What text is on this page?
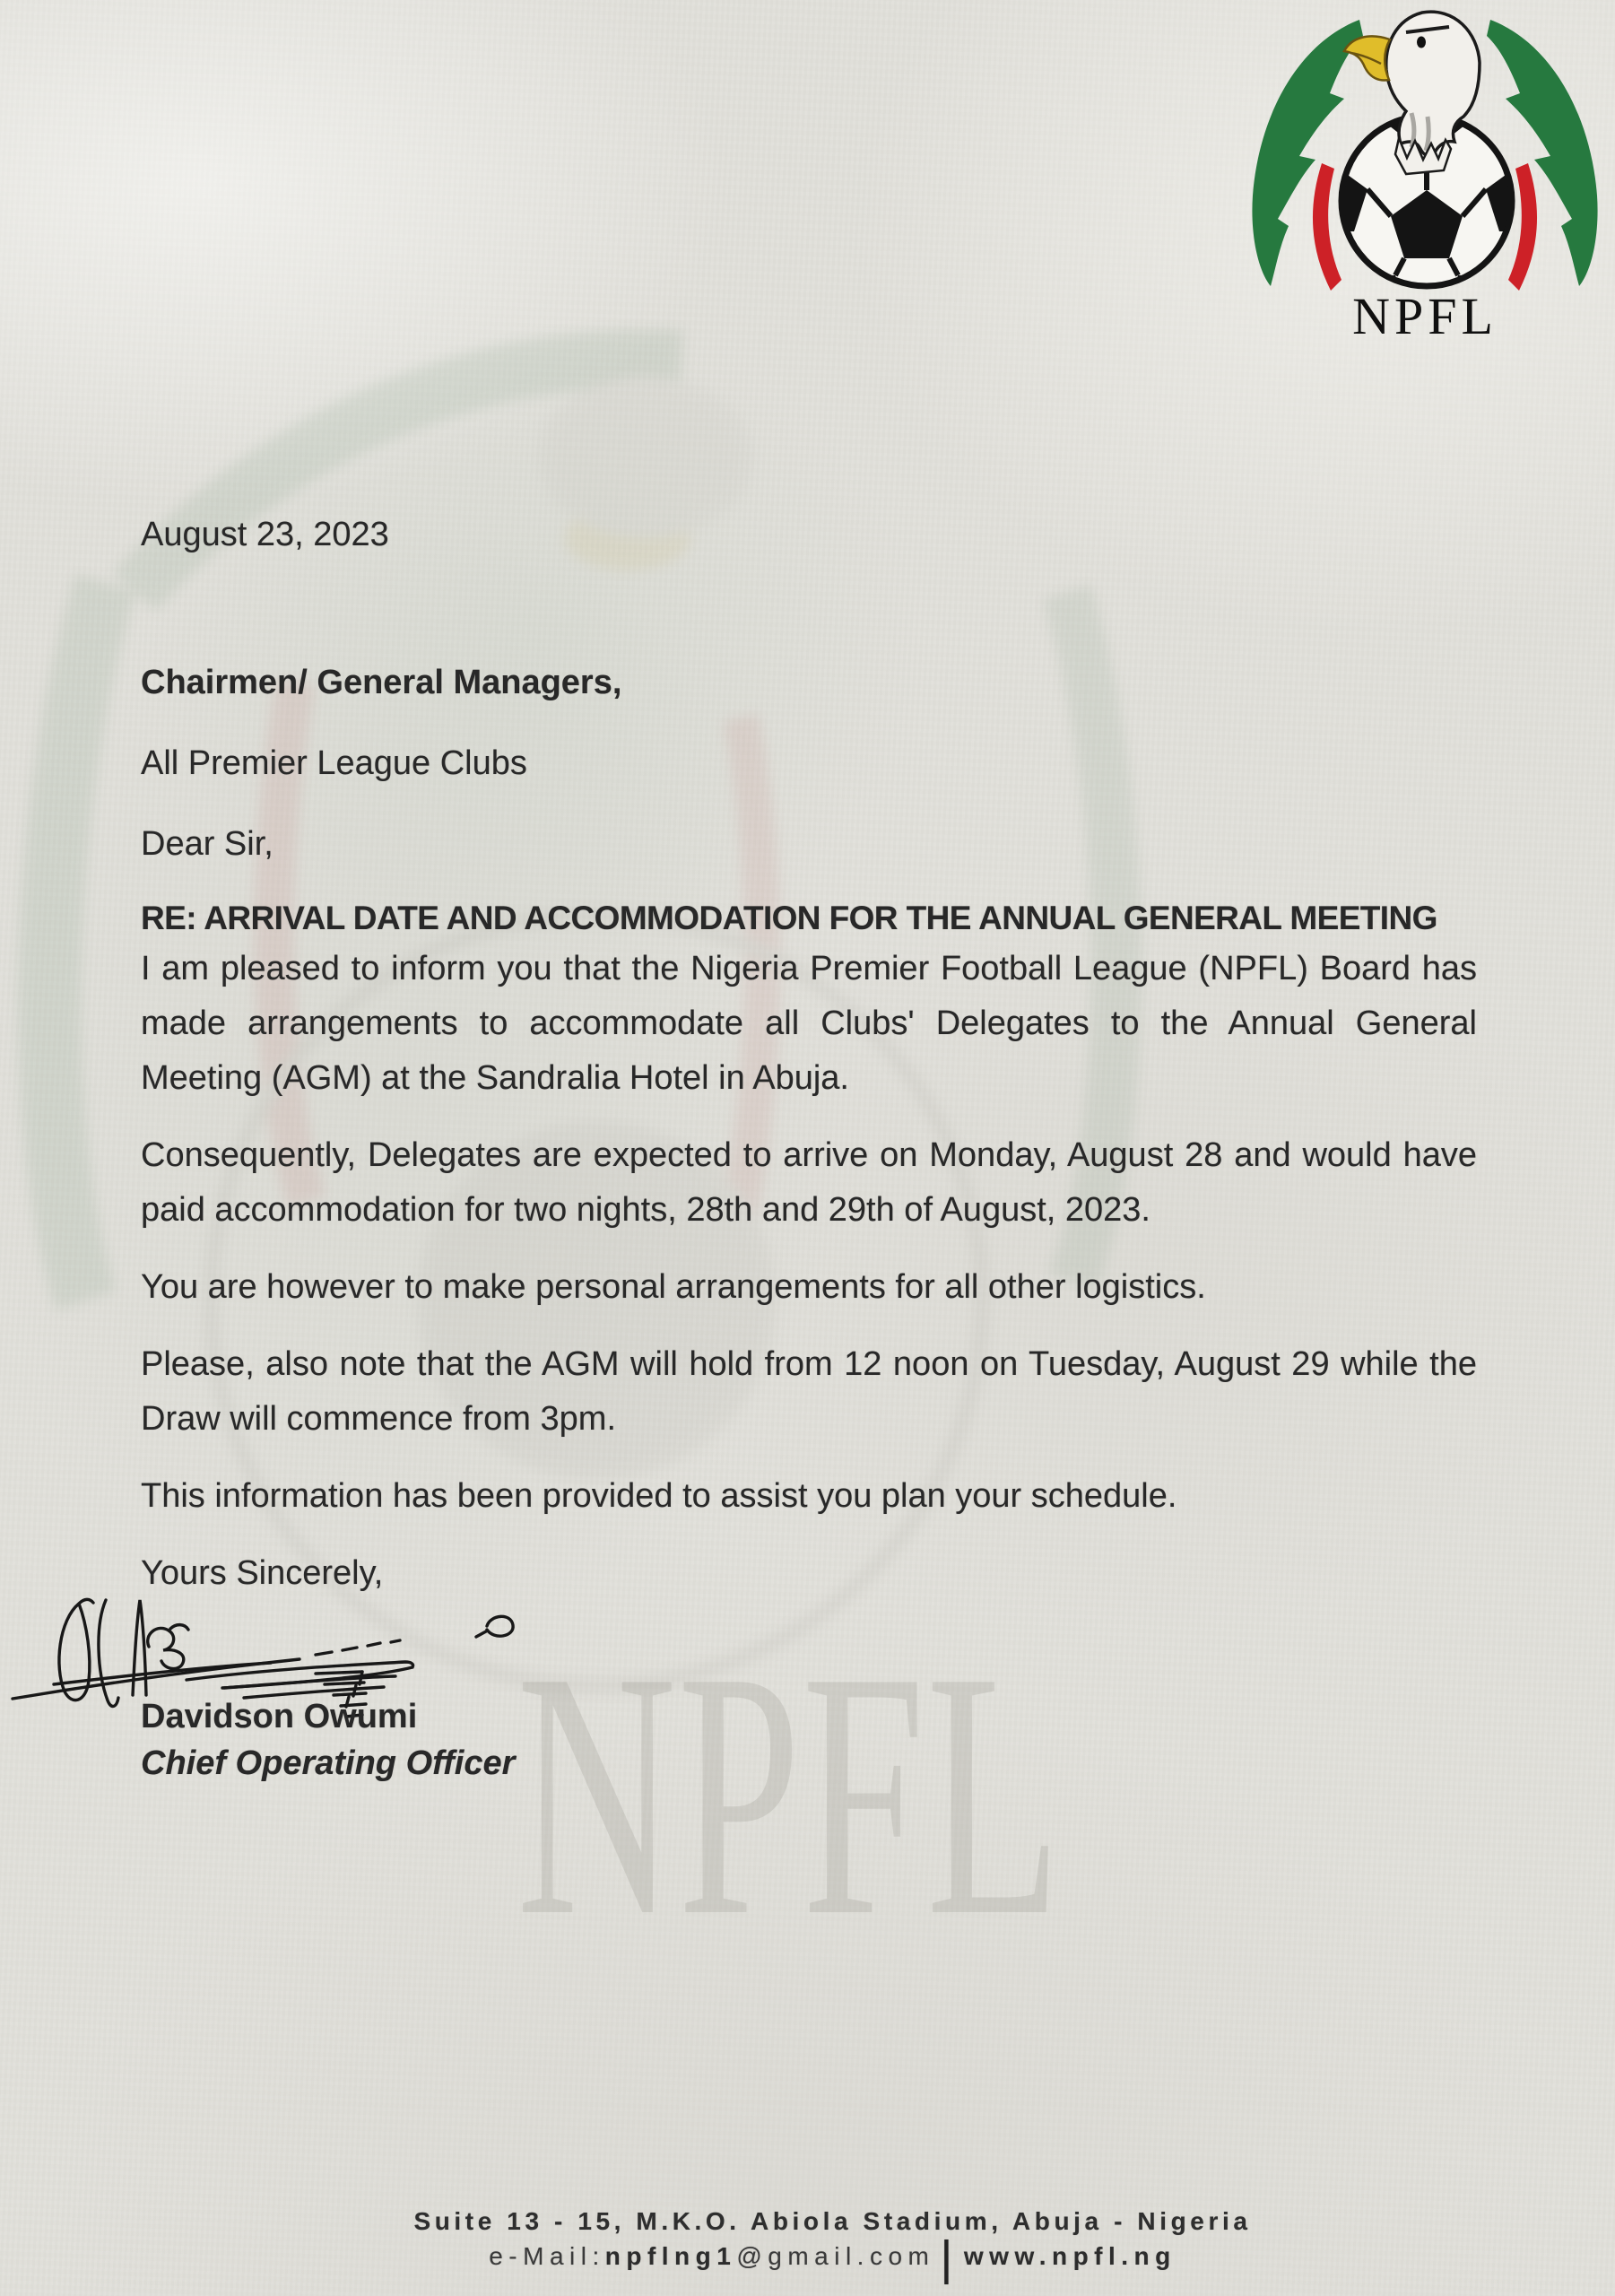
NPFL
NPFL
August 23, 2023
Chairmen/ General Managers,
All Premier League Clubs
Dear Sir,
RE: ARRIVAL DATE AND ACCOMMODATION FOR THE ANNUAL GENERAL MEETING
I am pleased to inform you that the Nigeria Premier Football League (NPFL) Board has made arrangements to accommodate all Clubs' Delegates to the Annual General Meeting (AGM) at the Sandralia Hotel in Abuja.
Consequently, Delegates are expected to arrive on Monday, August 28 and would have paid accommodation for two nights, 28th and 29th of August, 2023.
You are however to make personal arrangements for all other logistics.
Please, also note that the AGM will hold from 12 noon on Tuesday, August 29 while the Draw will commence from 3pm.
This information has been provided to assist you plan your schedule.
Yours Sincerely,
Davidson Owumi
Chief Operating Officer
Suite 13 - 15, M.K.O. Abiola Stadium, Abuja - Nigeria
e-Mail:npflng1@gmail.com | www.npfl.ng
